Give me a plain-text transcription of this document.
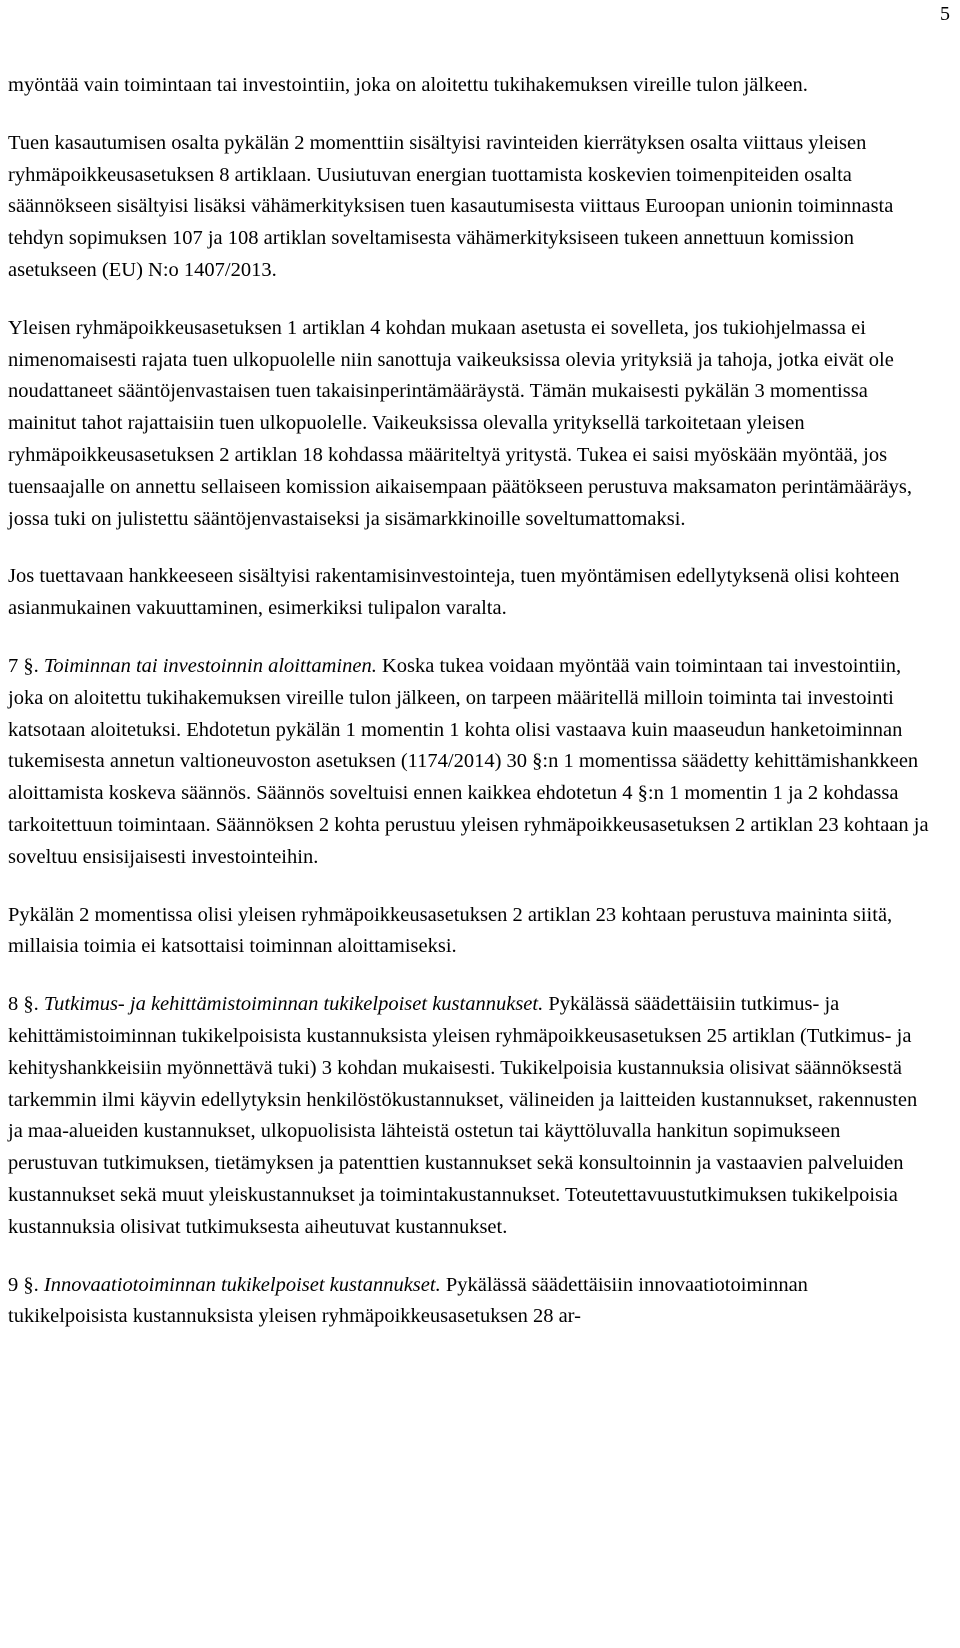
5

myöntää vain toimintaan tai investointiin, joka on aloitettu tukihakemuksen vireille tulon jälkeen.

Tuen kasautumisen osalta pykälän 2 momenttiin sisältyisi ravinteiden kierrätyksen osalta viittaus yleisen ryhmäpoikkeusasetuksen 8 artiklaan. Uusiutuvan energian tuottamista koskevien toimenpiteiden osalta säännökseen sisältyisi lisäksi vähämerkityksisen tuen kasautumisesta viittaus Euroopan unionin toiminnasta tehdyn sopimuksen 107 ja 108 artiklan soveltamisesta vähämerkityksiseen tukeen annettuun komission asetukseen (EU) N:o 1407/2013.

Yleisen ryhmäpoikkeusasetuksen 1 artiklan 4 kohdan mukaan asetusta ei sovelleta, jos tukiohjelmassa ei nimenomaisesti rajata tuen ulkopuolelle niin sanottuja vaikeuksissa olevia yrityksiä ja tahoja, jotka eivät ole noudattaneet sääntöjenvastaisen tuen takaisinperintämääräystä. Tämän mukaisesti pykälän 3 momentissa mainitut tahot rajattaisiin tuen ulkopuolelle. Vaikeuksissa olevalla yrityksellä tarkoitetaan yleisen ryhmäpoikkeusasetuksen 2 artiklan 18 kohdassa määriteltyä yritystä. Tukea ei saisi myöskään myöntää, jos tuensaajalle on annettu sellaiseen komission aikaisempaan päätökseen perustuva maksamaton perintämääräys, jossa tuki on julistettu sääntöjenvastaiseksi ja sisämarkkinoille soveltumattomaksi.

Jos tuettavaan hankkeeseen sisältyisi rakentamisinvestointeja, tuen myöntämisen edellytyksenä olisi kohteen asianmukainen vakuuttaminen, esimerkiksi tulipalon varalta.

7 §. Toiminnan tai investoinnin aloittaminen. Koska tukea voidaan myöntää vain toimintaan tai investointiin, joka on aloitettu tukihakemuksen vireille tulon jälkeen, on tarpeen määritellä milloin toiminta tai investointi katsotaan aloitetuksi. Ehdotetun pykälän 1 momentin 1 kohta olisi vastaava kuin maaseudun hanketoiminnan tukemisesta annetun valtioneuvoston asetuksen (1174/2014) 30 §:n 1 momentissa säädetty kehittämishankkeen aloittamista koskeva säännös. Säännös soveltuisi ennen kaikkea ehdotetun 4 §:n 1 momentin 1 ja 2 kohdassa tarkoitettuun toimintaan. Säännöksen 2 kohta perustuu yleisen ryhmäpoikkeusasetuksen 2 artiklan 23 kohtaan ja soveltuu ensisijaisesti investointeihin.

Pykälän 2 momentissa olisi yleisen ryhmäpoikkeusasetuksen 2 artiklan 23 kohtaan perustuva maininta siitä, millaisia toimia ei katsottaisi toiminnan aloittamiseksi.

8 §. Tutkimus- ja kehittämistoiminnan tukikelpoiset kustannukset. Pykälässä säädettäisiin tutkimus- ja kehittämistoiminnan tukikelpoisista kustannuksista yleisen ryhmäpoikkeusasetuksen 25 artiklan (Tutkimus- ja kehityshankkeisiin myönnettävä tuki) 3 kohdan mukaisesti. Tukikelpoisia kustannuksia olisivat säännöksestä tarkemmin ilmi käyvin edellytyksin henkilöstökustannukset, välineiden ja laitteiden kustannukset, rakennusten ja maa-alueiden kustannukset, ulkopuolisista lähteistä ostetun tai käyttöluvalla hankitun sopimukseen perustuvan tutkimuksen, tietämyksen ja patenttien kustannukset sekä konsultoinnin ja vastaavien palveluiden kustannukset sekä muut yleiskustannukset ja toimintakustannukset. Toteutettavuustutkimuksen tukikelpoisia kustannuksia olisivat tutkimuksesta aiheutuvat kustannukset.

9 §. Innovaatiotoiminnan tukikelpoiset kustannukset. Pykälässä säädettäisiin innovaatiotoiminnan tukikelpoisista kustannuksista yleisen ryhmäpoikkeusasetuksen 28 ar-
